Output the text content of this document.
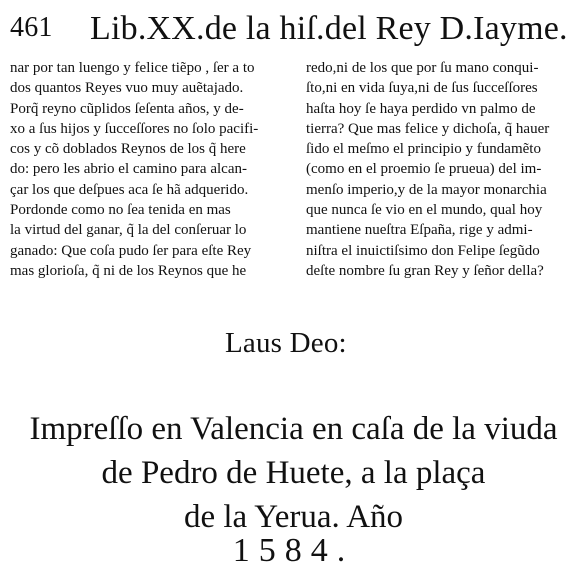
461 Lib.XX.de la hiſ.del Rey D.Iayme.
nar por tan luengo y felice tiẽpo , ſer a to
dos quantos Reyes vuo muy auẽtajado.
Porq̃ reyno cũplidos ſeſenta años, y de-
xo a ſus hijos y ſucceſſores no ſolo pacifi-
cos y cõ doblados Reynos de los q̃ here
do: pero les abrio el camino para alcan-
çar los que deſpues aca ſe hã adquerido.
Pordonde como no ſea tenida en mas
la virtud del ganar, q̃ la del conſeruar lo
ganado: Que coſa pudo ſer para eſte Rey
mas glorioſa, q̃ ni de los Reynos que he
redo,ni de los que por ſu mano conqui-
ſto,ni en vida ſuya,ni de ſus ſucceſſores
haſta hoy ſe haya perdido vn palmo de
tierra? Que mas felice y dichoſa, q̃ hauer
ſido el meſmo el principio y fundamẽto
(como en el proemio ſe prueua) del im-
menſo imperio,y de la mayor monarchia
que nunca ſe vio en el mundo, qual hoy
mantiene nueſtra Eſpaña, rige y admi-
niſtra el inuictiſsimo don Felipe ſegũdo
deſte nombre ſu gran Rey y ſeñor della?
Laus Deo:
Impreſſo en Valencia en caſa de la viuda
de Pedro de Huete, a la plaça
de la Yerua. Año
1584.
